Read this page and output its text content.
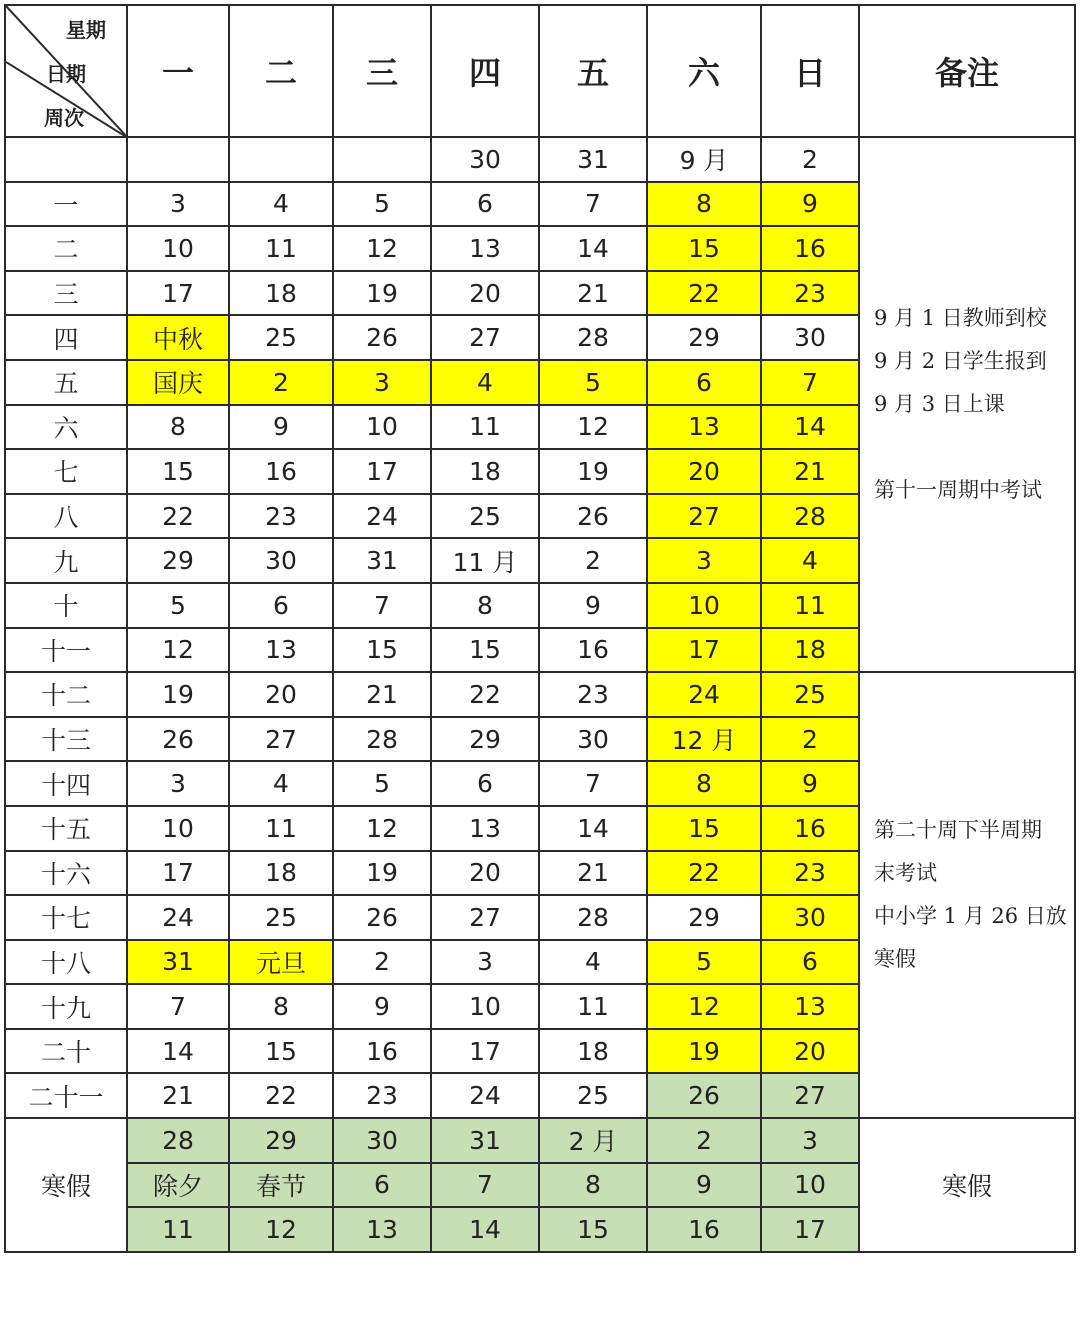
星期
日期
周次	一	二	三	四	五	六	日	备注
				30	31	9 月	2	9 月 1 日教师到校
9 月 2 日学生报到
9 月 3 日上课
第十一周期中考试

一	3	4	5	6	7	8	9	
二	10	11	12	13	14	15	16	
三	17	18	19	20	21	22	23	
四	中秋	25	26	27	28	29	30	
五	国庆	2	3	4	5	6	7	
六	8	9	10	11	12	13	14	
七	15	16	17	18	19	20	21	
八	22	23	24	25	26	27	28	
九	29	30	31	11 月	2	3	4	
十	5	6	7	8	9	10	11	
十一	12	13	15	15	16	17	18	
十二	19	20	21	22	23	24	25	第二十周下半周期
末考试
中小学 1 月 26 日放
寒假

十三	26	27	28	29	30	12 月	2	
十四	3	4	5	6	7	8	9	
十五	10	11	12	13	14	15	16	
十六	17	18	19	20	21	22	23	
十七	24	25	26	27	28	29	30	
十八	31	元旦	2	3	4	5	6	
十九	7	8	9	10	11	12	13	
二十	14	15	16	17	18	19	20	
二十一	21	22	23	24	25	26	27	
寒假	28	29	30	31	2 月	2	3	寒假
	除夕	春节	6	7	8	9	10	
	11	12	13	14	15	16	17	
